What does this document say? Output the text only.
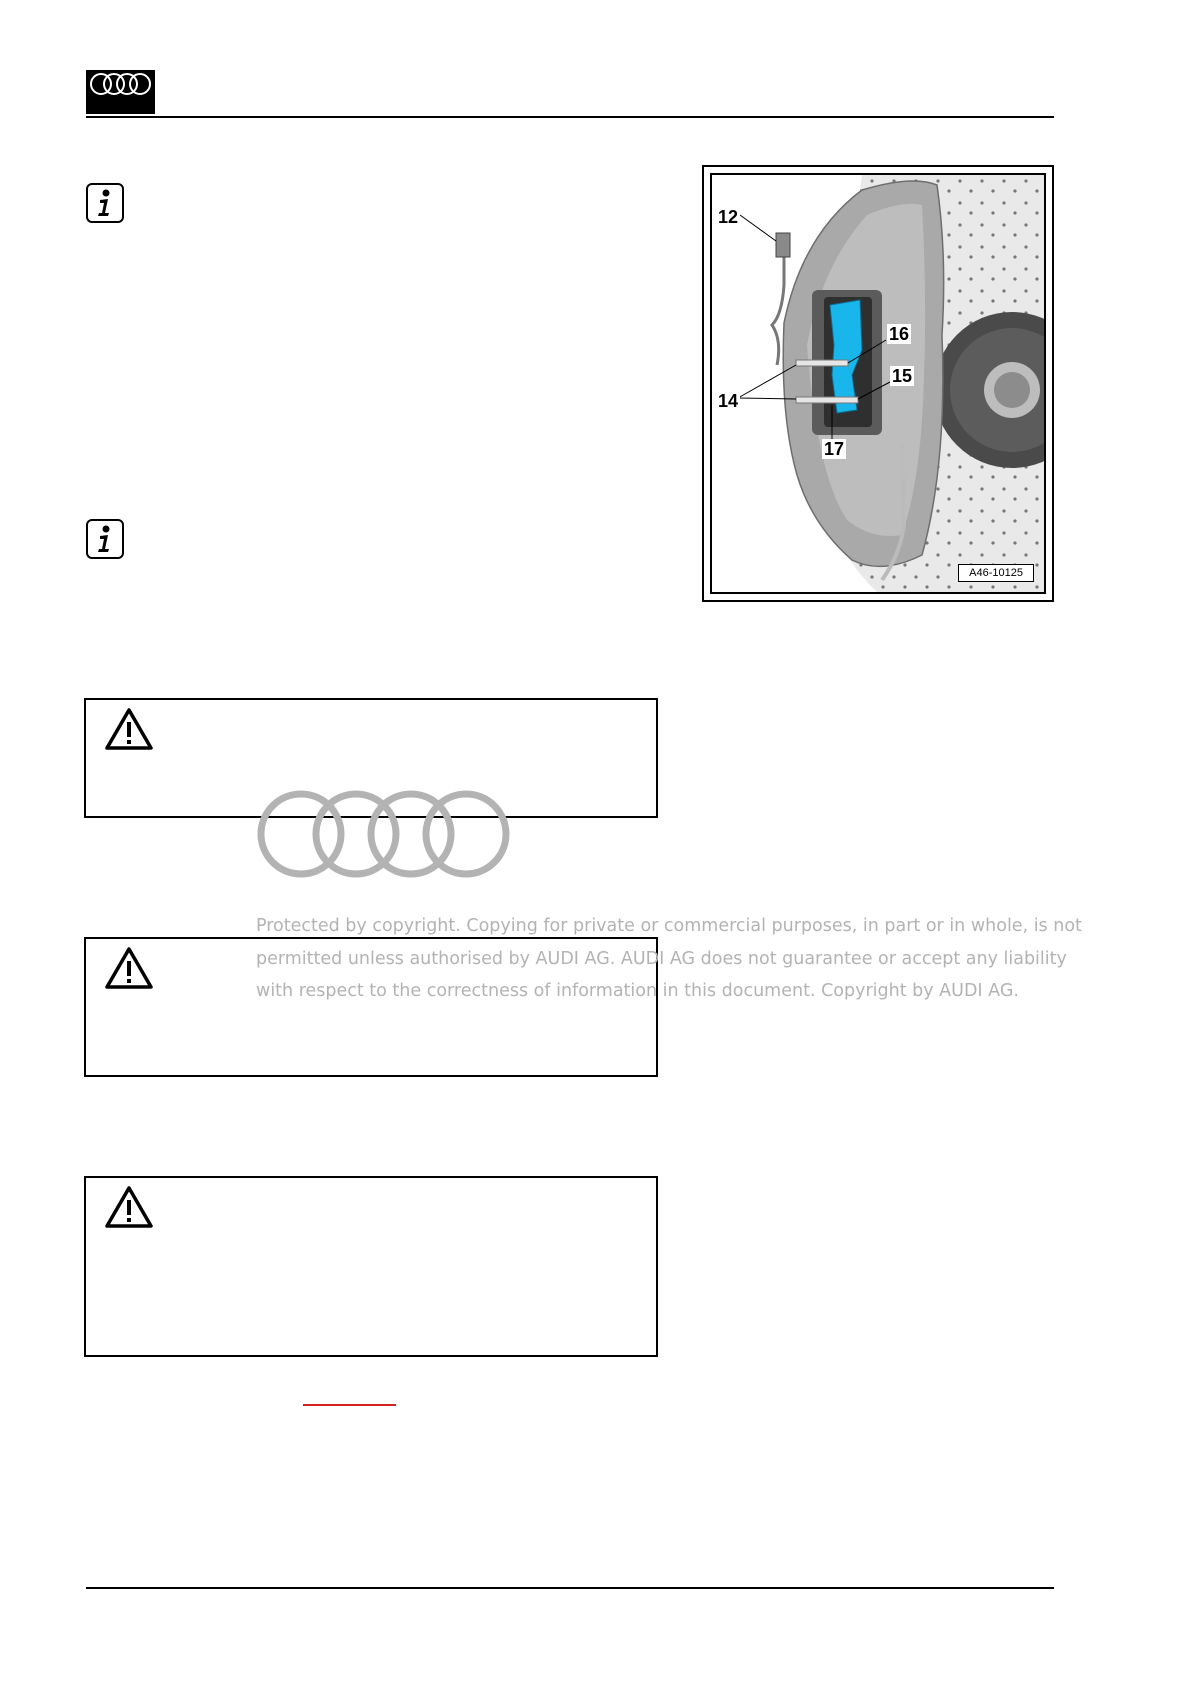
12
16
15
14
17
A46-10125
Protected by copyright. Copying for private or commercial purposes, in part or in whole, is not
permitted unless authorised by AUDI AG. AUDI AG does not guarantee or accept any liability
with respect to the correctness of information in this document. Copyright by AUDI AG.
